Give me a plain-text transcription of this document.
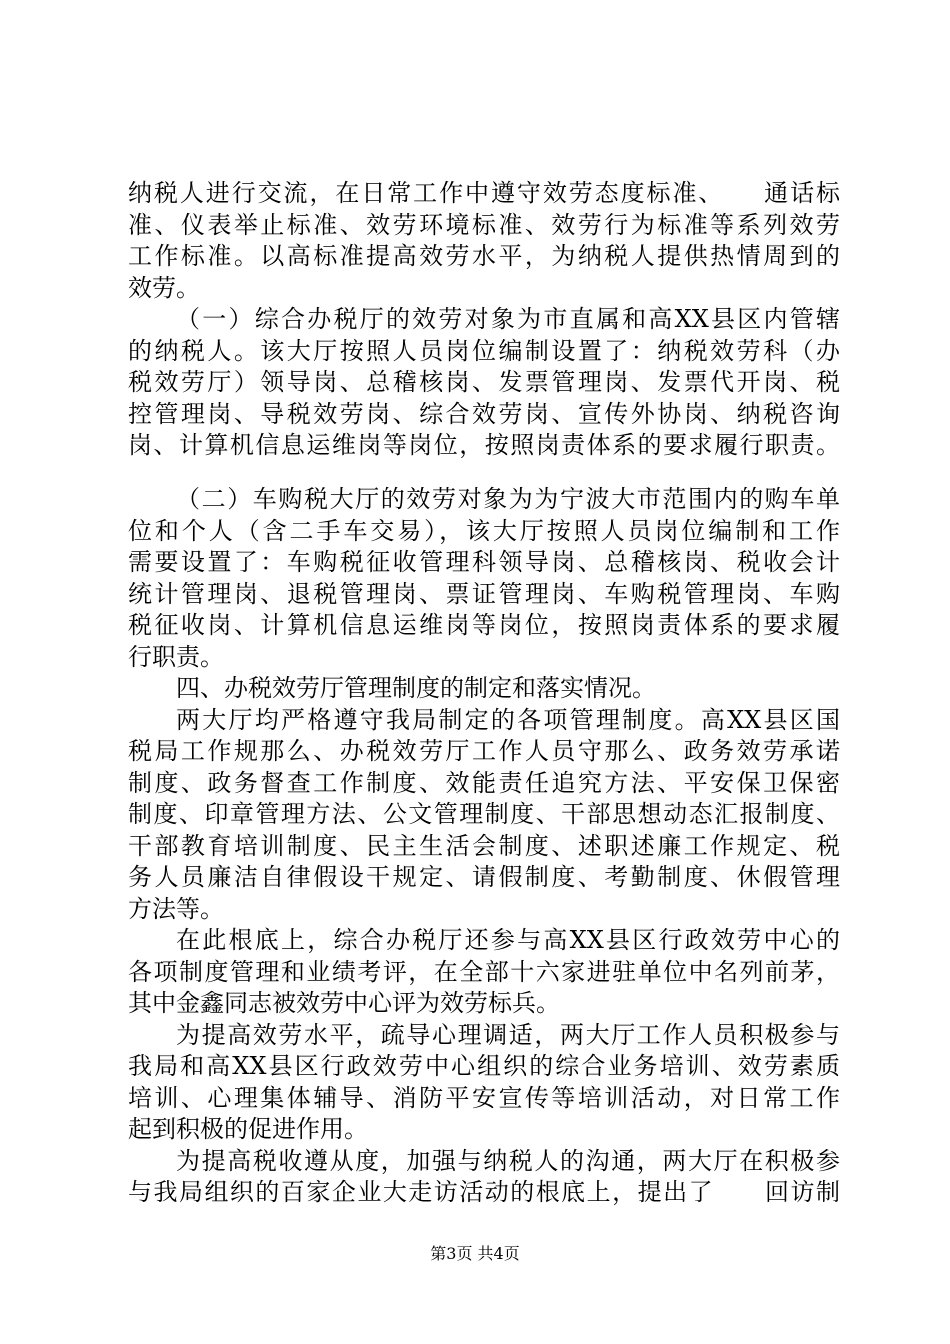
纳税人进行交流，在日常工作中遵守效劳态度标准、　　通话标
准、仪表举止标准、效劳环境标准、效劳行为标准等系列效劳
工作标准。以高标准提高效劳水平，为纳税人提供热情周到的
效劳。
（一）综合办税厅的效劳对象为市直属和高XX县区内管辖
的纳税人。该大厅按照人员岗位编制设置了：纳税效劳科（办
税效劳厅）领导岗、总稽核岗、发票管理岗、发票代开岗、税
控管理岗、导税效劳岗、综合效劳岗、宣传外协岗、纳税咨询
岗、计算机信息运维岗等岗位，按照岗责体系的要求履行职责。
（二）车购税大厅的效劳对象为为宁波大市范围内的购车单
位和个人（含二手车交易），该大厅按照人员岗位编制和工作
需要设置了：车购税征收管理科领导岗、总稽核岗、税收会计
统计管理岗、退税管理岗、票证管理岗、车购税管理岗、车购
税征收岗、计算机信息运维岗等岗位，按照岗责体系的要求履
行职责。
四、办税效劳厅管理制度的制定和落实情况。
两大厅均严格遵守我局制定的各项管理制度。高XX县区国
税局工作规那么、办税效劳厅工作人员守那么、政务效劳承诺
制度、政务督查工作制度、效能责任追究方法、平安保卫保密
制度、印章管理方法、公文管理制度、干部思想动态汇报制度、
干部教育培训制度、民主生活会制度、述职述廉工作规定、税
务人员廉洁自律假设干规定、请假制度、考勤制度、休假管理
方法等。
在此根底上，综合办税厅还参与高XX县区行政效劳中心的
各项制度管理和业绩考评，在全部十六家进驻单位中名列前茅，
其中金鑫同志被效劳中心评为效劳标兵。
为提高效劳水平，疏导心理调适，两大厅工作人员积极参与
我局和高XX县区行政效劳中心组织的综合业务培训、效劳素质
培训、心理集体辅导、消防平安宣传等培训活动，对日常工作
起到积极的促进作用。
为提高税收遵从度，加强与纳税人的沟通，两大厅在积极参
与我局组织的百家企业大走访活动的根底上，提出了　　回访制
第3页 共4页
